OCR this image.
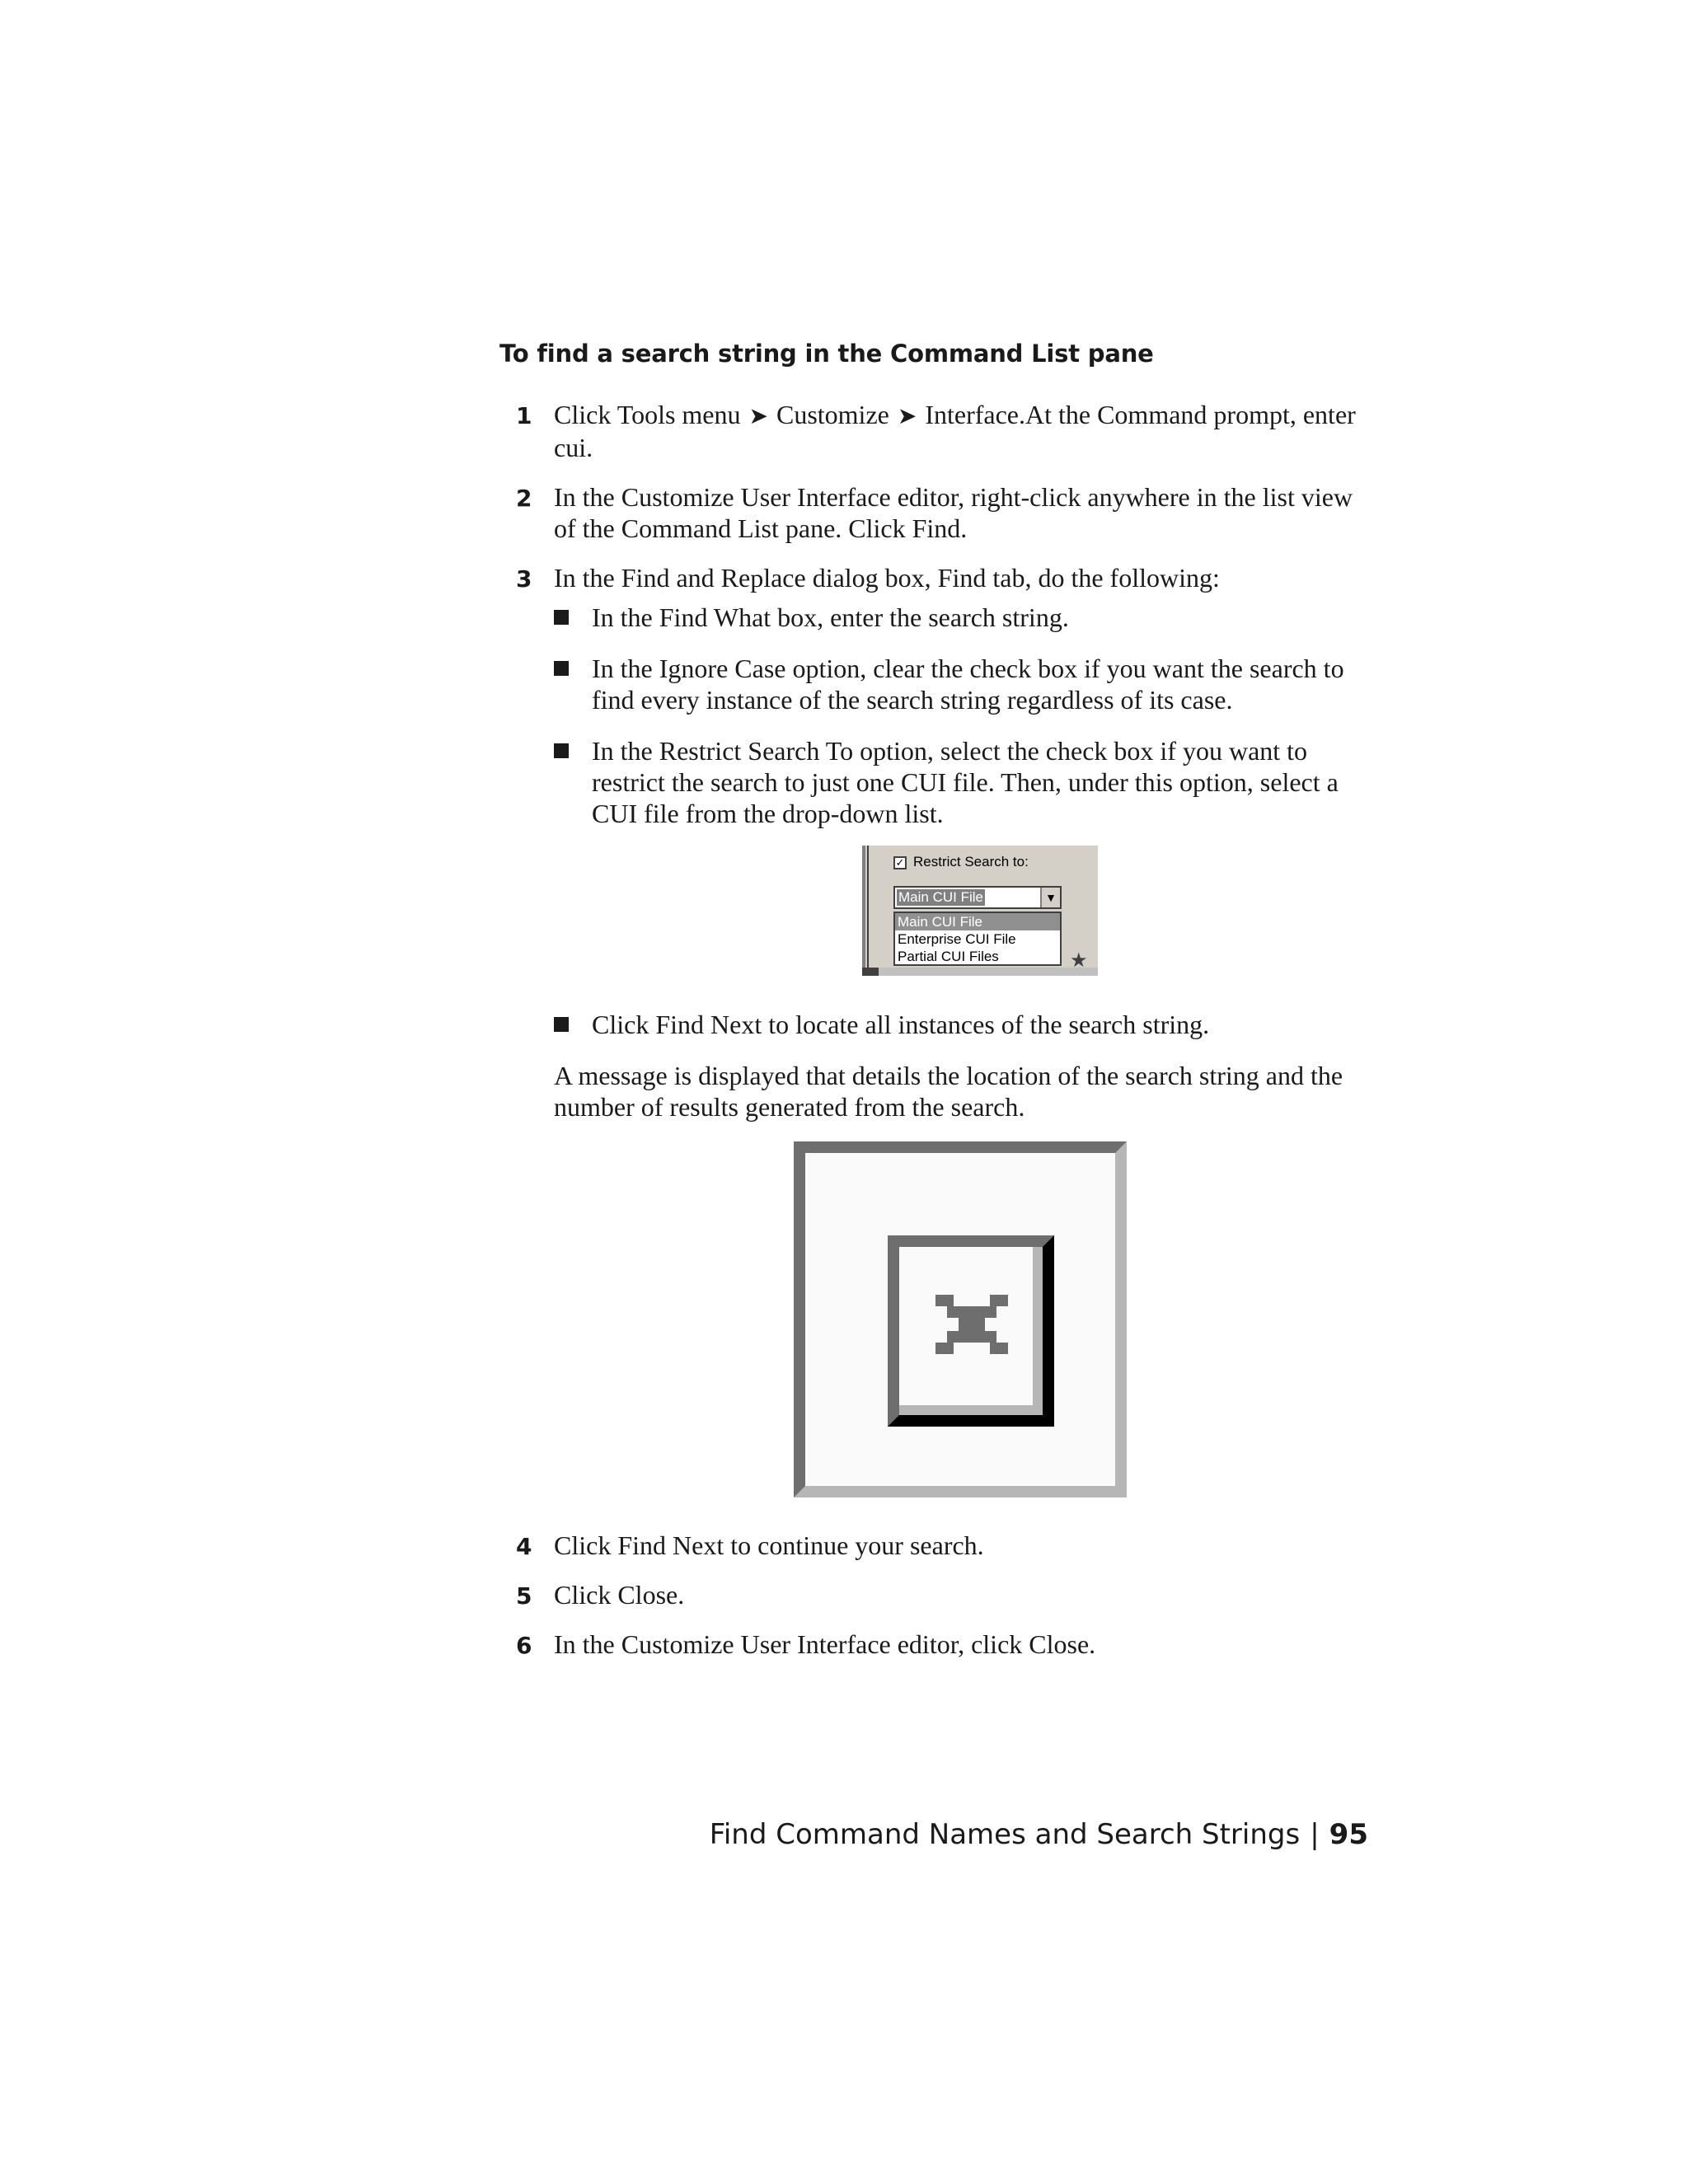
To find a search string in the Command List pane
1 Click Tools menu ➤ Customize ➤ Interface.At the Command prompt, enter cui.
2 In the Customize User Interface editor, right-click anywhere in the list view of the Command List pane. Click Find.
3 In the Find and Replace dialog box, Find tab, do the following:
In the Find What box, enter the search string.
In the Ignore Case option, clear the check box if you want the search to find every instance of the search string regardless of its case.
In the Restrict Search To option, select the check box if you want to restrict the search to just one CUI file. Then, under this option, select a CUI file from the drop-down list.
✓ Restrict Search to:
Main CUI File	▼
Main CUI File
Enterprise CUI File
Partial CUI Files	★
Click Find Next to locate all instances of the search string.
A message is displayed that details the location of the search string and the number of results generated from the search.
4 Click Find Next to continue your search.
5 Click Close.
6 In the Customize User Interface editor, click Close.
Find Command Names and Search Strings | 95
